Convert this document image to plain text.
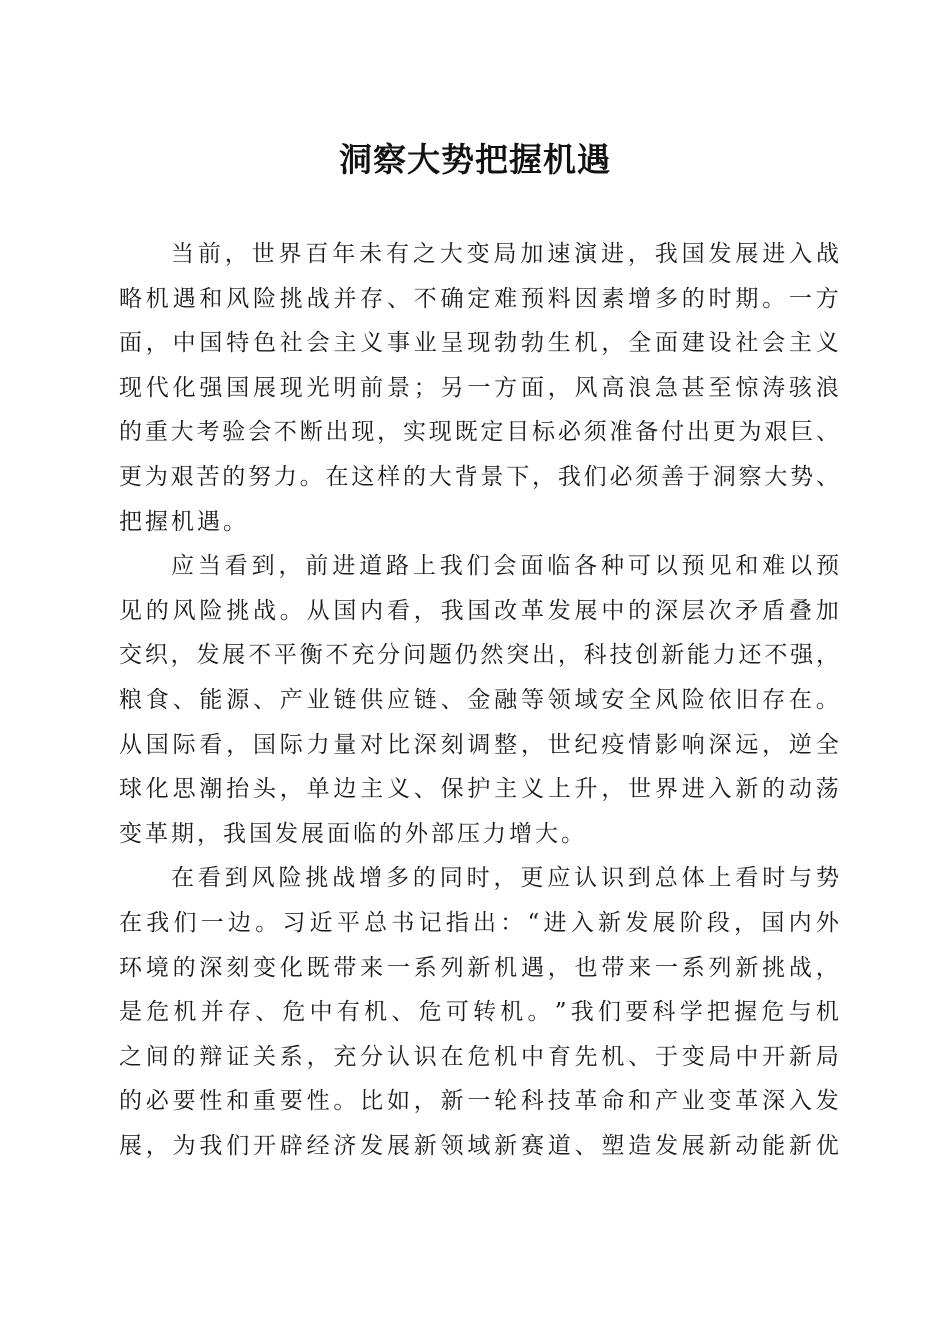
洞察大势把握机遇
当 前 ， 世 界 百 年 未 有 之 大 变 局 加 速 演 进 ， 我 国 发 展 进 入 战
略 机 遇 和 风 险 挑 战 并 存 、 不 确 定 难 预 料 因 素 增 多 的 时 期 。 一 方
面 ， 中 国 特 色 社 会 主 义 事 业 呈 现 勃 勃 生 机 ， 全 面 建 设 社 会 主 义
现 代 化 强 国 展 现 光 明 前 景 ； 另 一 方 面 ， 风 高 浪 急 甚 至 惊 涛 骇 浪
的 重 大 考 验 会 不 断 出 现 ， 实 现 既 定 目 标 必 须 准 备 付 出 更 为 艰 巨 、
更 为 艰 苦 的 努 力 。 在 这 样 的 大 背 景 下 ， 我 们 必 须 善 于 洞 察 大 势 、
把握机遇。
应 当 看 到 ， 前 进 道 路 上 我 们 会 面 临 各 种 可 以 预 见 和 难 以 预
见 的 风 险 挑 战 。 从 国 内 看 ， 我 国 改 革 发 展 中 的 深 层 次 矛 盾 叠 加
交 织 ， 发 展 不 平 衡 不 充 分 问 题 仍 然 突 出 ， 科 技 创 新 能 力 还 不 强 ，
粮 食 、 能 源 、 产 业 链 供 应 链 、 金 融 等 领 域 安 全 风 险 依 旧 存 在 。
从 国 际 看 ， 国 际 力 量 对 比 深 刻 调 整 ， 世 纪 疫 情 影 响 深 远 ， 逆 全
球 化 思 潮 抬 头 ， 单 边 主 义 、 保 护 主 义 上 升 ， 世 界 进 入 新 的 动 荡
变革期，我国发展面临的外部压力增大。
在 看 到 风 险 挑 战 增 多 的 同 时 ， 更 应 认 识 到 总 体 上 看 时 与 势
在 我 们 一 边 。 习 近 平 总 书 记 指 出 ： “ 进 入 新 发 展 阶 段 ， 国 内 外
环 境 的 深 刻 变 化 既 带 来 一 系 列 新 机 遇 ， 也 带 来 一 系 列 新 挑 战 ，
是 危 机 并 存 、 危 中 有 机 、 危 可 转 机 。 ” 我 们 要 科 学 把 握 危 与 机
之 间 的 辩 证 关 系 ， 充 分 认 识 在 危 机 中 育 先 机 、 于 变 局 中 开 新 局
的 必 要 性 和 重 要 性 。 比 如 ， 新 一 轮 科 技 革 命 和 产 业 变 革 深 入 发
展 ， 为 我 们 开 辟 经 济 发 展 新 领 域 新 赛 道 、 塑 造 发 展 新 动 能 新 优
